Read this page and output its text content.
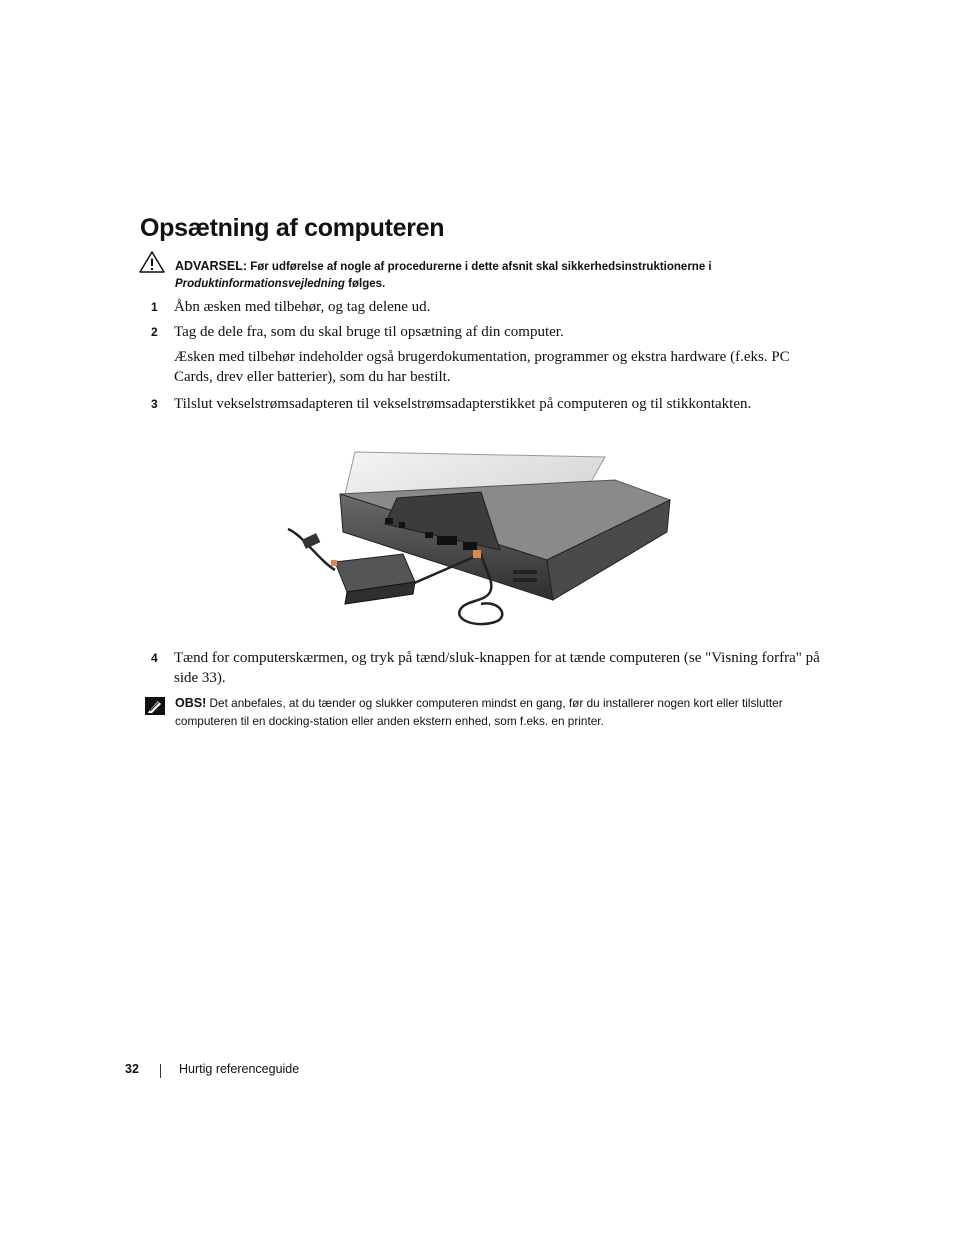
Opsætning af computeren
ADVARSEL: Før udførelse af nogle af procedurerne i dette afsnit skal sikkerhedsinstruktionerne i
Produktinformationsvejledning følges.
1 Åbn æsken med tilbehør, og tag delene ud.
2 Tag de dele fra, som du skal bruge til opsætning af din computer.
Æsken med tilbehør indeholder også brugerdokumentation, programmer og ekstra hardware (f.eks. PC Cards, drev eller batterier), som du har bestilt.
3 Tilslut vekselstrømsadapteren til vekselstrømsadapterstikket på computeren og til stikkontakten.
4 Tænd for computerskærmen, og tryk på tænd/sluk-knappen for at tænde computeren (se "Visning forfra" på side 33).
OBS! Det anbefales, at du tænder og slukker computeren mindst en gang, før du installerer nogen kort eller tilslutter computeren til en docking-station eller anden ekstern enhed, som f.eks. en printer.
32	Hurtig referenceguide
